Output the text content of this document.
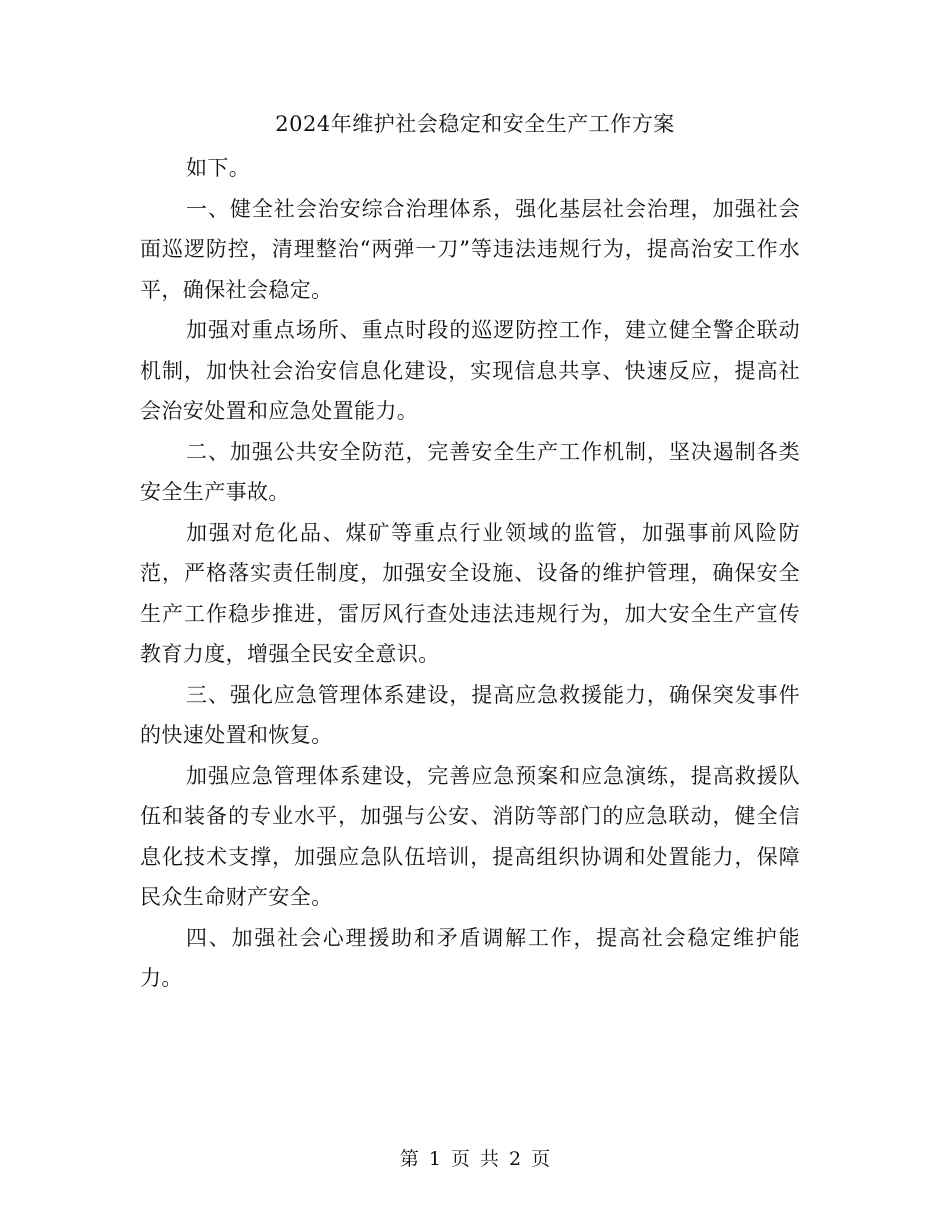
2024年维护社会稳定和安全生产工作方案

如下。

一、健全社会治安综合治理体系，强化基层社会治理，加强社会面巡逻防控，清理整治“两弹一刀”等违法违规行为，提高治安工作水平，确保社会稳定。

加强对重点场所、重点时段的巡逻防控工作，建立健全警企联动机制，加快社会治安信息化建设，实现信息共享、快速反应，提高社会治安处置和应急处置能力。

二、加强公共安全防范，完善安全生产工作机制，坚决遏制各类安全生产事故。

加强对危化品、煤矿等重点行业领域的监管，加强事前风险防范，严格落实责任制度，加强安全设施、设备的维护管理，确保安全生产工作稳步推进，雷厉风行查处违法违规行为，加大安全生产宣传教育力度，增强全民安全意识。

三、强化应急管理体系建设，提高应急救援能力，确保突发事件的快速处置和恢复。

加强应急管理体系建设，完善应急预案和应急演练，提高救援队伍和装备的专业水平，加强与公安、消防等部门的应急联动，健全信息化技术支撑，加强应急队伍培训，提高组织协调和处置能力，保障民众生命财产安全。

四、加强社会心理援助和矛盾调解工作，提高社会稳定维护能力。

第 1 页 共 2 页
